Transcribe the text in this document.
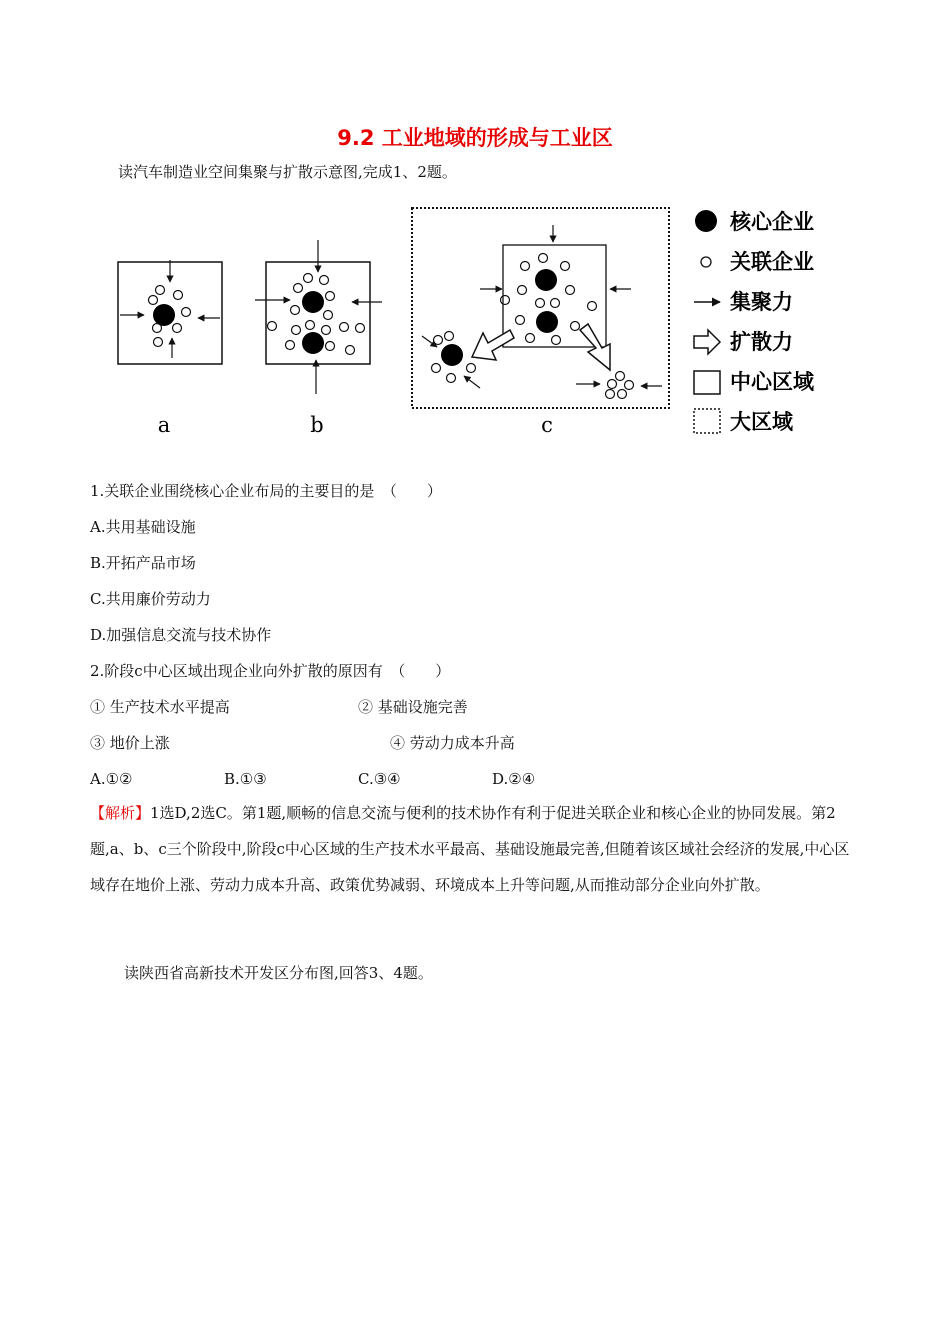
9.2 工业地域的形成与工业区
读汽车制造业空间集聚与扩散示意图,完成1、2题。
a	b	c
核心企业
关联企业
集聚力
扩散力
中心区域
大区域
1.关联企业围绕核心企业布局的主要目的是　（　　）
A.共用基础设施
B.开拓产品市场
C.共用廉价劳动力
D.加强信息交流与技术协作
2.阶段c中心区域出现企业向外扩散的原因有　（　　）
① 生产技术水平提高	② 基础设施完善
③ 地价上涨	④ 劳动力成本升高
A.①②	B.①③	C.③④	D.②④
【解析】1选D,2选C。第1题,顺畅的信息交流与便利的技术协作有利于促进关联企业和核心企业的协同发展。第2题,a、b、c三个阶段中,阶段c中心区域的生产技术水平最高、基础设施最完善,但随着该区域社会经济的发展,中心区域存在地价上涨、劳动力成本升高、政策优势减弱、环境成本上升等问题,从而推动部分企业向外扩散。
读陕西省高新技术开发区分布图,回答3、4题。
